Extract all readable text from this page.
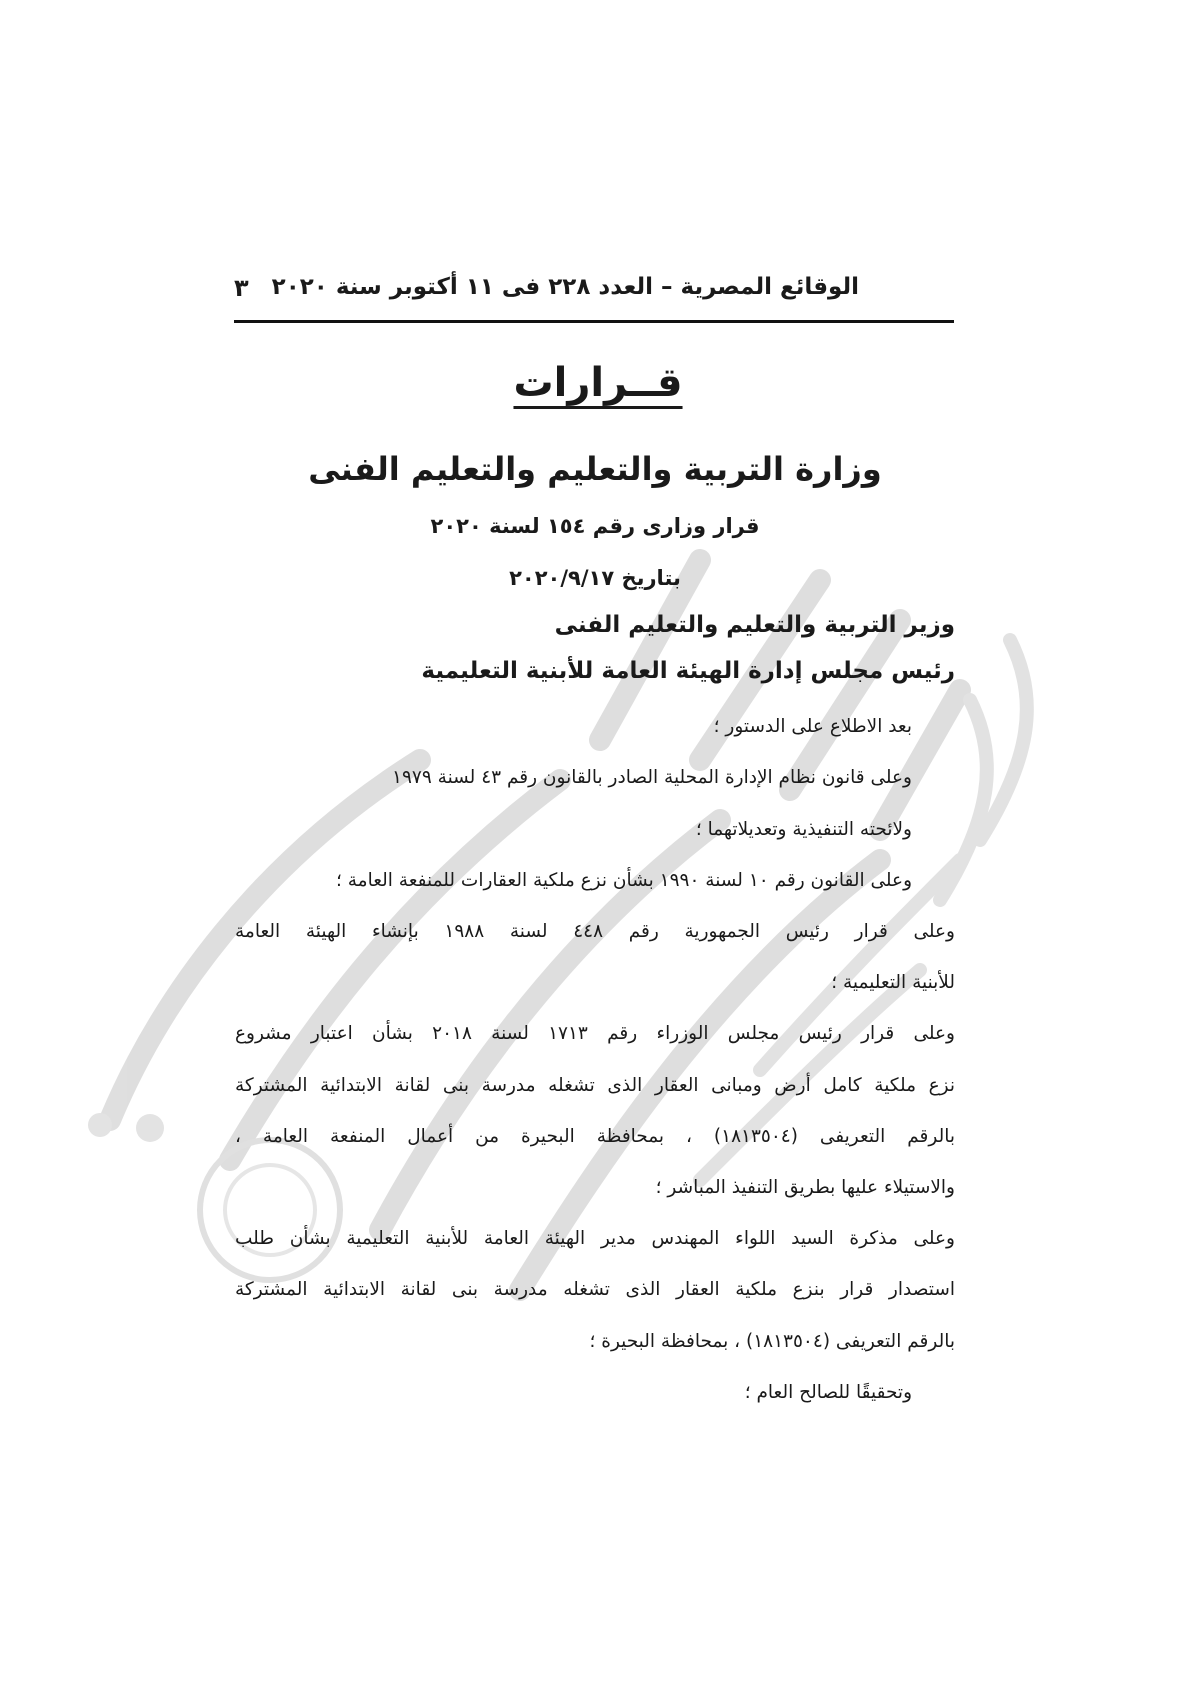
الوقائع المصرية – العدد ٢٢٨ فى ١١ أكتوبر سنة ٢٠٢٠
٣
قــرارات
وزارة التربية والتعليم والتعليم الفنى
قرار وزارى رقم ١٥٤ لسنة ٢٠٢٠
بتاريخ ٢٠٢٠/٩/١٧
وزير التربية والتعليم والتعليم الفنى
رئيس مجلس إدارة الهيئة العامة للأبنية التعليمية
بعد الاطلاع على الدستور ؛
وعلى قانون نظام الإدارة المحلية الصادر بالقانون رقم ٤٣ لسنة ١٩٧٩
ولائحته التنفيذية وتعديلاتهما ؛
وعلى القانون رقم ١٠ لسنة ١٩٩٠ بشأن نزع ملكية العقارات للمنفعة العامة ؛
وعلى قرار رئيس الجمهورية رقم ٤٤٨ لسنة ١٩٨٨ بإنشاء الهيئة العامة
للأبنية التعليمية ؛
وعلى قرار رئيس مجلس الوزراء رقم ١٧١٣ لسنة ٢٠١٨ بشأن اعتبار مشروع
نزع ملكية كامل أرض ومبانى العقار الذى تشغله مدرسة بنى لقانة الابتدائية المشتركة
بالرقم التعريفى (١٨١٣٥٠٤) ، بمحافظة البحيرة من أعمال المنفعة العامة ،
والاستيلاء عليها بطريق التنفيذ المباشر ؛
وعلى مذكرة السيد اللواء المهندس مدير الهيئة العامة للأبنية التعليمية بشأن طلب
استصدار قرار بنزع ملكية العقار الذى تشغله مدرسة بنى لقانة الابتدائية المشتركة
بالرقم التعريفى (١٨١٣٥٠٤) ، بمحافظة البحيرة ؛
وتحقيقًا للصالح العام ؛
